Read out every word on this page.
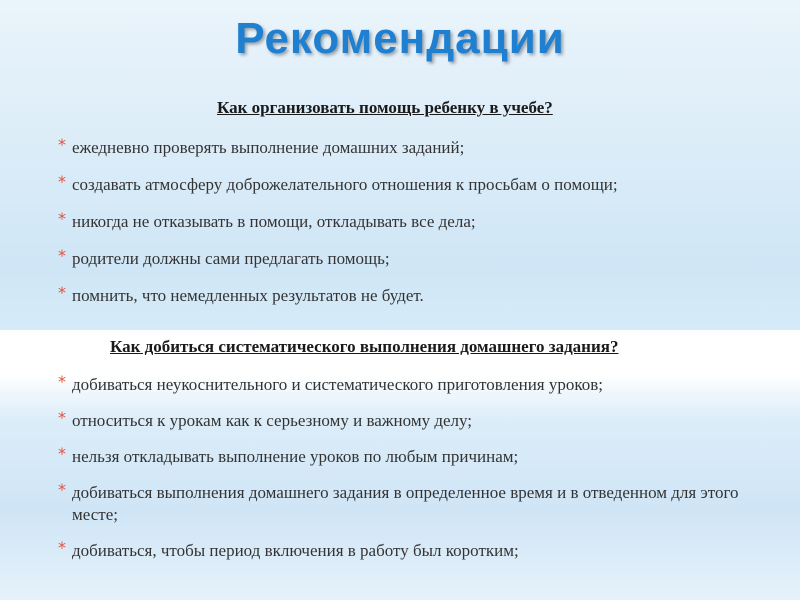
Рекомендации
Как организовать помощь ребенку в учебе?
* ежедневно проверять выполнение домашних заданий;
* создавать атмосферу доброжелательного отношения к просьбам о помощи;
* никогда не отказывать в помощи, откладывать все дела;
* родители должны сами предлагать помощь;
* помнить, что немедленных результатов не будет.
Как добиться систематического выполнения домашнего задания?
* добиваться неукоснительного и систематического приготовления уроков;
* относиться к урокам как к серьезному и важному делу;
* нельзя откладывать выполнение уроков по любым причинам;
* добиваться выполнения домашнего задания в определенное время и в отведенном для этого месте;
* добиваться, чтобы период включения в работу был коротким;
